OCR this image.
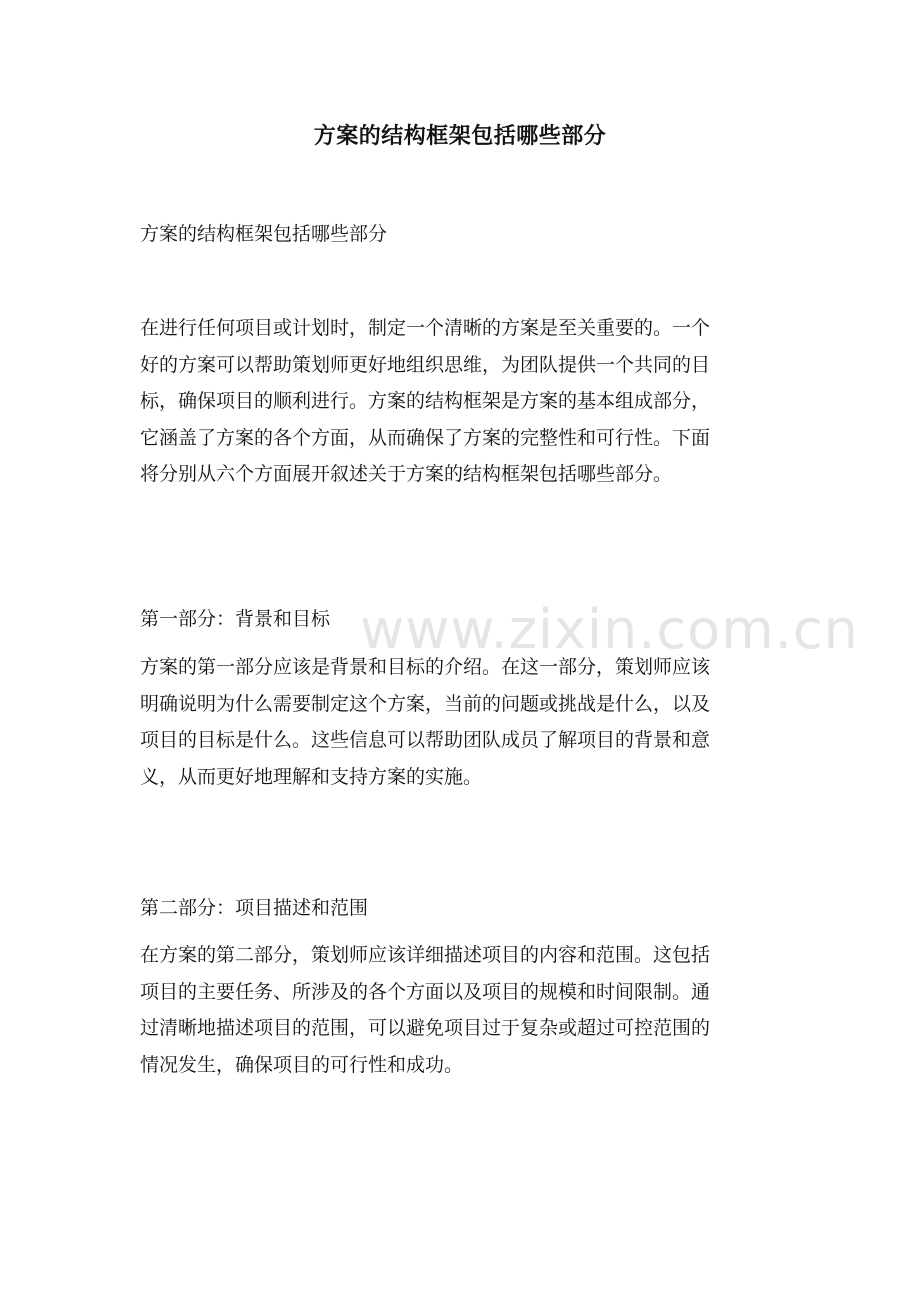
方案的结构框架包括哪些部分
方案的结构框架包括哪些部分
在进行任何项目或计划时，制定一个清晰的方案是至关重要的。一个
好的方案可以帮助策划师更好地组织思维，为团队提供一个共同的目
标，确保项目的顺利进行。方案的结构框架是方案的基本组成部分，
它涵盖了方案的各个方面，从而确保了方案的完整性和可行性。下面
将分别从六个方面展开叙述关于方案的结构框架包括哪些部分。
第一部分：背景和目标
方案的第一部分应该是背景和目标的介绍。在这一部分，策划师应该
明确说明为什么需要制定这个方案，当前的问题或挑战是什么，以及
项目的目标是什么。这些信息可以帮助团队成员了解项目的背景和意
义，从而更好地理解和支持方案的实施。
第二部分：项目描述和范围
在方案的第二部分，策划师应该详细描述项目的内容和范围。这包括
项目的主要任务、所涉及的各个方面以及项目的规模和时间限制。通
过清晰地描述项目的范围，可以避免项目过于复杂或超过可控范围的
情况发生，确保项目的可行性和成功。
www.zixin.com.cn
